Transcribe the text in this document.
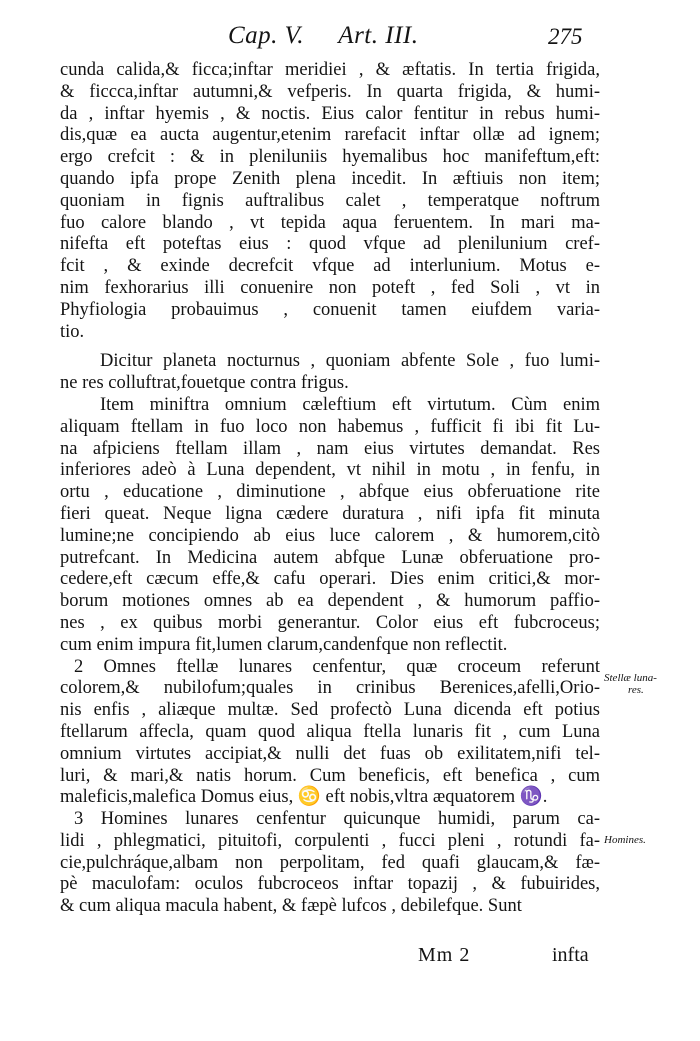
Cap. V. Art. III.	275
cunda calida,& ficca;inftar meridiei , & æftatis. In tertia frigida,
& ficcca,inftar autumni,& vefperis. In quarta frigida, & humi-
da , inftar hyemis , & noctis. Eius calor fentitur in rebus humi-
dis,quæ ea aucta augentur,etenim rarefacit inftar ollæ ad ignem;
ergo crefcit : & in pleniluniis hyemalibus hoc manifeftum,eft:
quando ipfa prope Zenith plena incedit. In æftiuis non item;
quoniam in fignis auftralibus calet , temperatque noftrum
fuo calore blando , vt tepida aqua feruentem. In mari ma-
nifefta eft poteftas eius : quod vfque ad plenilunium cref-
fcit , & exinde decrefcit vfque ad interlunium. Motus e-
nim fexhorarius illi conuenire non poteft , fed Soli , vt in
Phyfiologia probauimus , conuenit tamen eiufdem varia-
tio.
Dicitur planeta nocturnus , quoniam abfente Sole , fuo lumi-
ne res colluftrat,fouetque contra frigus.
Item miniftra omnium cæleftium eft virtutum. Cùm enim
aliquam ftellam in fuo loco non habemus , fufficit fi ibi fit Lu-
na afpiciens ftellam illam , nam eius virtutes demandat. Res
inferiores adeò à Luna dependent, vt nihil in motu , in fenfu, in
ortu , educatione , diminutione , abfque eius obferuatione rite
fieri queat. Neque ligna cædere duratura , nifi ipfa fit minuta
lumine;ne concipiendo ab eius luce calorem , & humorem,citò
putrefcant. In Medicina autem abfque Lunæ obferuatione pro-
cedere,eft cæcum effe,& cafu operari. Dies enim critici,& mor-
borum motiones omnes ab ea dependent , & humorum paffio-
nes , ex quibus morbi generantur. Color eius eft fubcroceus;
cum enim impura fit,lumen clarum,candenfque non reflectit.
2 Omnes ftellæ lunares cenfentur, quæ croceum referunt
colorem,& nubilofum;quales in crinibus Berenices,afelli,Orio-
nis enfis , aliæque multæ. Sed profectò Luna dicenda eft potius
ftellarum affecla, quam quod aliqua ftella lunaris fit , cum Luna
omnium virtutes accipiat,& nulli det fuas ob exilitatem,nifi tel-
luri, & mari,& natis horum. Cum beneficis, eft benefica , cum
maleficis,malefica Domus eius, ♋ eft nobis,vltra æquatorem ♑.
3 Homines lunares cenfentur quicunque humidi, parum ca-
lidi , phlegmatici, pituitofi, corpulenti , fucci pleni , rotundi fa-
cie,pulchráque,albam non perpolitam, fed quafi glaucam,& fæ-
pè maculofam: oculos fubcroceos inftar topazij , & fubuirides,
& cum aliqua macula habent, & fæpè lufcos , debilefque. Sunt
Stellæ luna-
res.
Homines.
Mm 2	infta
